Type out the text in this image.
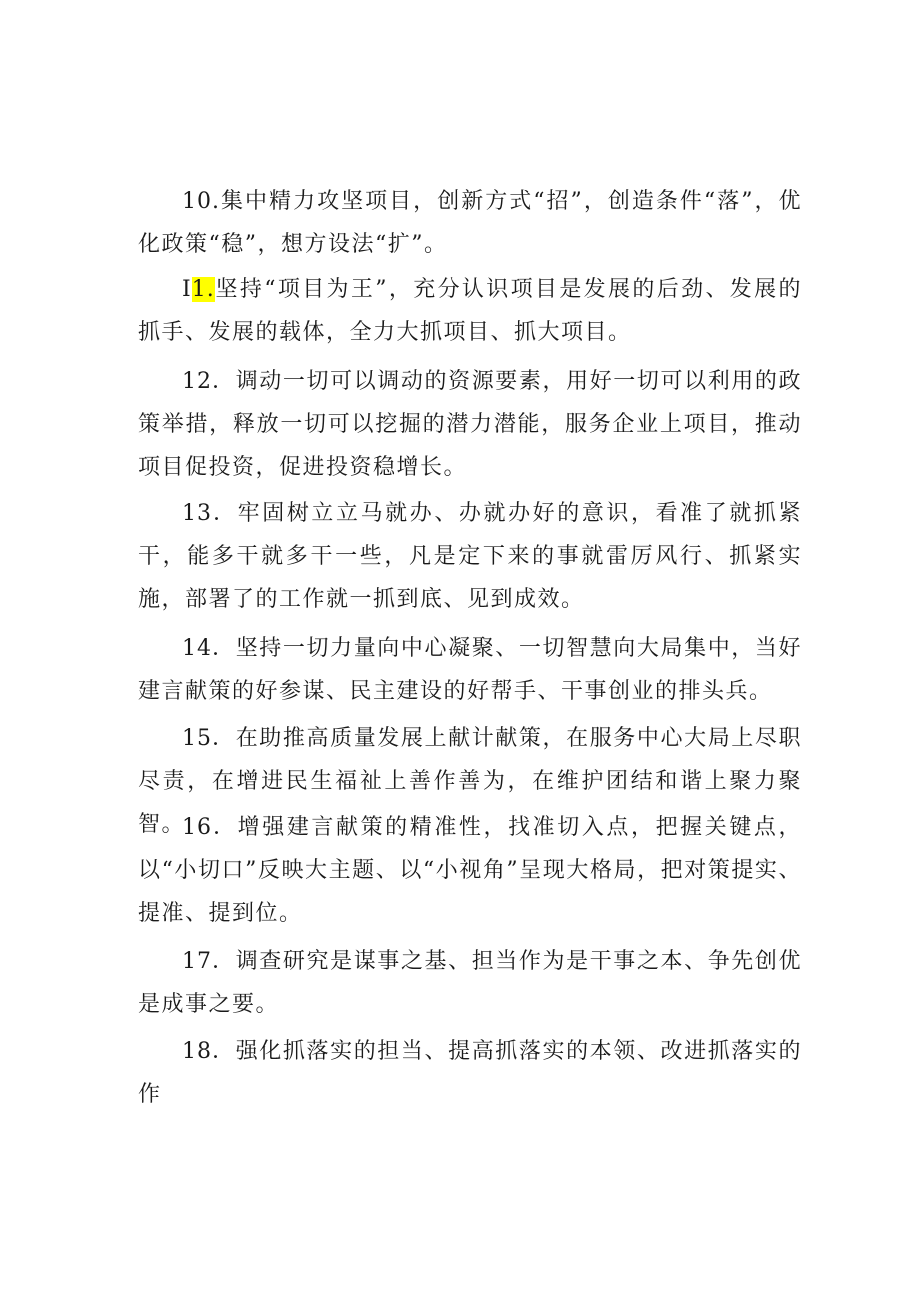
10.集中精力攻坚项目，创新方式“招”，创造条件“落”，优化政策“稳”，想方设法“扩”。

I1.坚持“项目为王”，充分认识项目是发展的后劲、发展的抓手、发展的载体，全力大抓项目、抓大项目。

12．调动一切可以调动的资源要素，用好一切可以利用的政策举措，释放一切可以挖掘的潜力潜能，服务企业上项目，推动项目促投资，促进投资稳增长。

13．牢固树立立马就办、办就办好的意识，看准了就抓紧干，能多干就多干一些，凡是定下来的事就雷厉风行、抓紧实施，部署了的工作就一抓到底、见到成效。

14．坚持一切力量向中心凝聚、一切智慧向大局集中，当好建言献策的好参谋、民主建设的好帮手、干事创业的排头兵。

15．在助推高质量发展上献计献策，在服务中心大局上尽职尽责，在增进民生福祉上善作善为，在维护团结和谐上聚力聚智。

16．增强建言献策的精准性，找准切入点，把握关键点，以“小切口”反映大主题、以“小视角”呈现大格局，把对策提实、提准、提到位。

17．调查研究是谋事之基、担当作为是干事之本、争先创优是成事之要。

18．强化抓落实的担当、提高抓落实的本领、改进抓落实的作
